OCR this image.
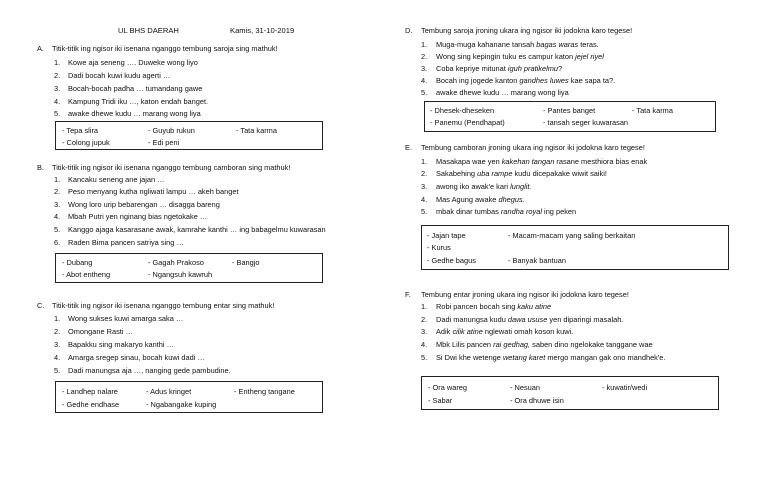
UL BHS DAERAH	Kamis, 31-10-2019
A. Titik-titik ing ngisor iki isenana nganggo tembung saroja sing mathuk!
1. Kowe aja seneng …. Duweke wong liyo
2. Dadi bocah kuwi kudu agerti …
3. Bocah-bocah padha … tumandang gawe
4. Kampung Tridi iku …, katon endah banget.
5. awake dhewe kudu … marang wong liya
- Tepa slira	- Guyub rukun	- Tata karma
- Colong jupuk	- Edi peni
B. Titik-titik ing ngisor iki isenana nganggo tembung camboran sing mathuk!
1. Kancaku seneng ane jajan …
2. Peso menyang kutha ngliwati lampu … akeh banget
3. Wong loro urip bebarengan … disagga bareng
4. Mbah Putri yen nginang bias ngetokake …
5. Kanggo ajaga kasarasane awak, kamrahe kanthi … ing babagelmu kuwarasan
6. Raden Bima pancen satriya sing …
- Dubang	- Gagah Prakoso	- Bangjo
- Abot entheng	- Ngangsuh kawruh
C. Titik-titik ing ngisor iki isenana nganggo tembung entar sing mathuk!
1. Wong sukses kuwi amarga saka …
2. Omongane Rasti …
3. Bapakku sing makaryo kanthi …
4. Amarga sregep sinau, bocah kuwi dadi …
5. Dadi manungsa aja …, nanging gede pambudine.
- Landhep nalare	- Adus kringet	- Entheng tangane
- Gedhe endhase	- Ngabangake kuping
D. Tembung saroja jroning ukara ing ngisor iki jodokna karo tegese!
1. Muga-muga kahanane tansah bagas waras teras.
2. Wong sing kepingin tuku es campur katon jejel riyel
3. Coba kepriye mitunat iguh pratikelmu?
4. Bocah ing jogede kanton gandhes luwes kae sapa ta?.
5. awake dhewe kudu … marang wong liya
- Dhesek-dheseken	- Pantes banget	- Tata karma
- Panemu (Pendhapat)	- tansah seger kuwarasan
E. Tembung camboran jroning ukara ing ngisor iki jodokna karo tegese!
1. Masakapa wae yen kakehan tangan rasane mesthiora bias enak
2. Sakabehing uba rampe kudu dicepakake wiwit saiki!
3. awong iko awak'e kari lunglit.
4. Mas Agung awake dhegus.
5. mbak dinar tumbas randha royal ing peken
- Jajan tape	- Macam-macam yang saling berkaitan
- Kurus
- Gedhe bagus	- Banyak bantuan
F. Tembung entar jroning ukara ing ngisor iki jodokna karo tegese!
1. Robi pancen bocah sing kaku atine
2. Dadi manungsa kudu dawa ususe yen diparingi masalah.
3. Adik cilik atine nglewati omah koson kuwi.
4. Mbk Lilis pancen rai gedhag, saben dino ngelokake tanggane wae
5. Si Dwi khe wetenge wetang karet mergo mangan gak ono mandhek'e.
- Ora wareg	- Nesuan	- kuwatir/wedi
- Sabar	- Ora dhuwe isin
